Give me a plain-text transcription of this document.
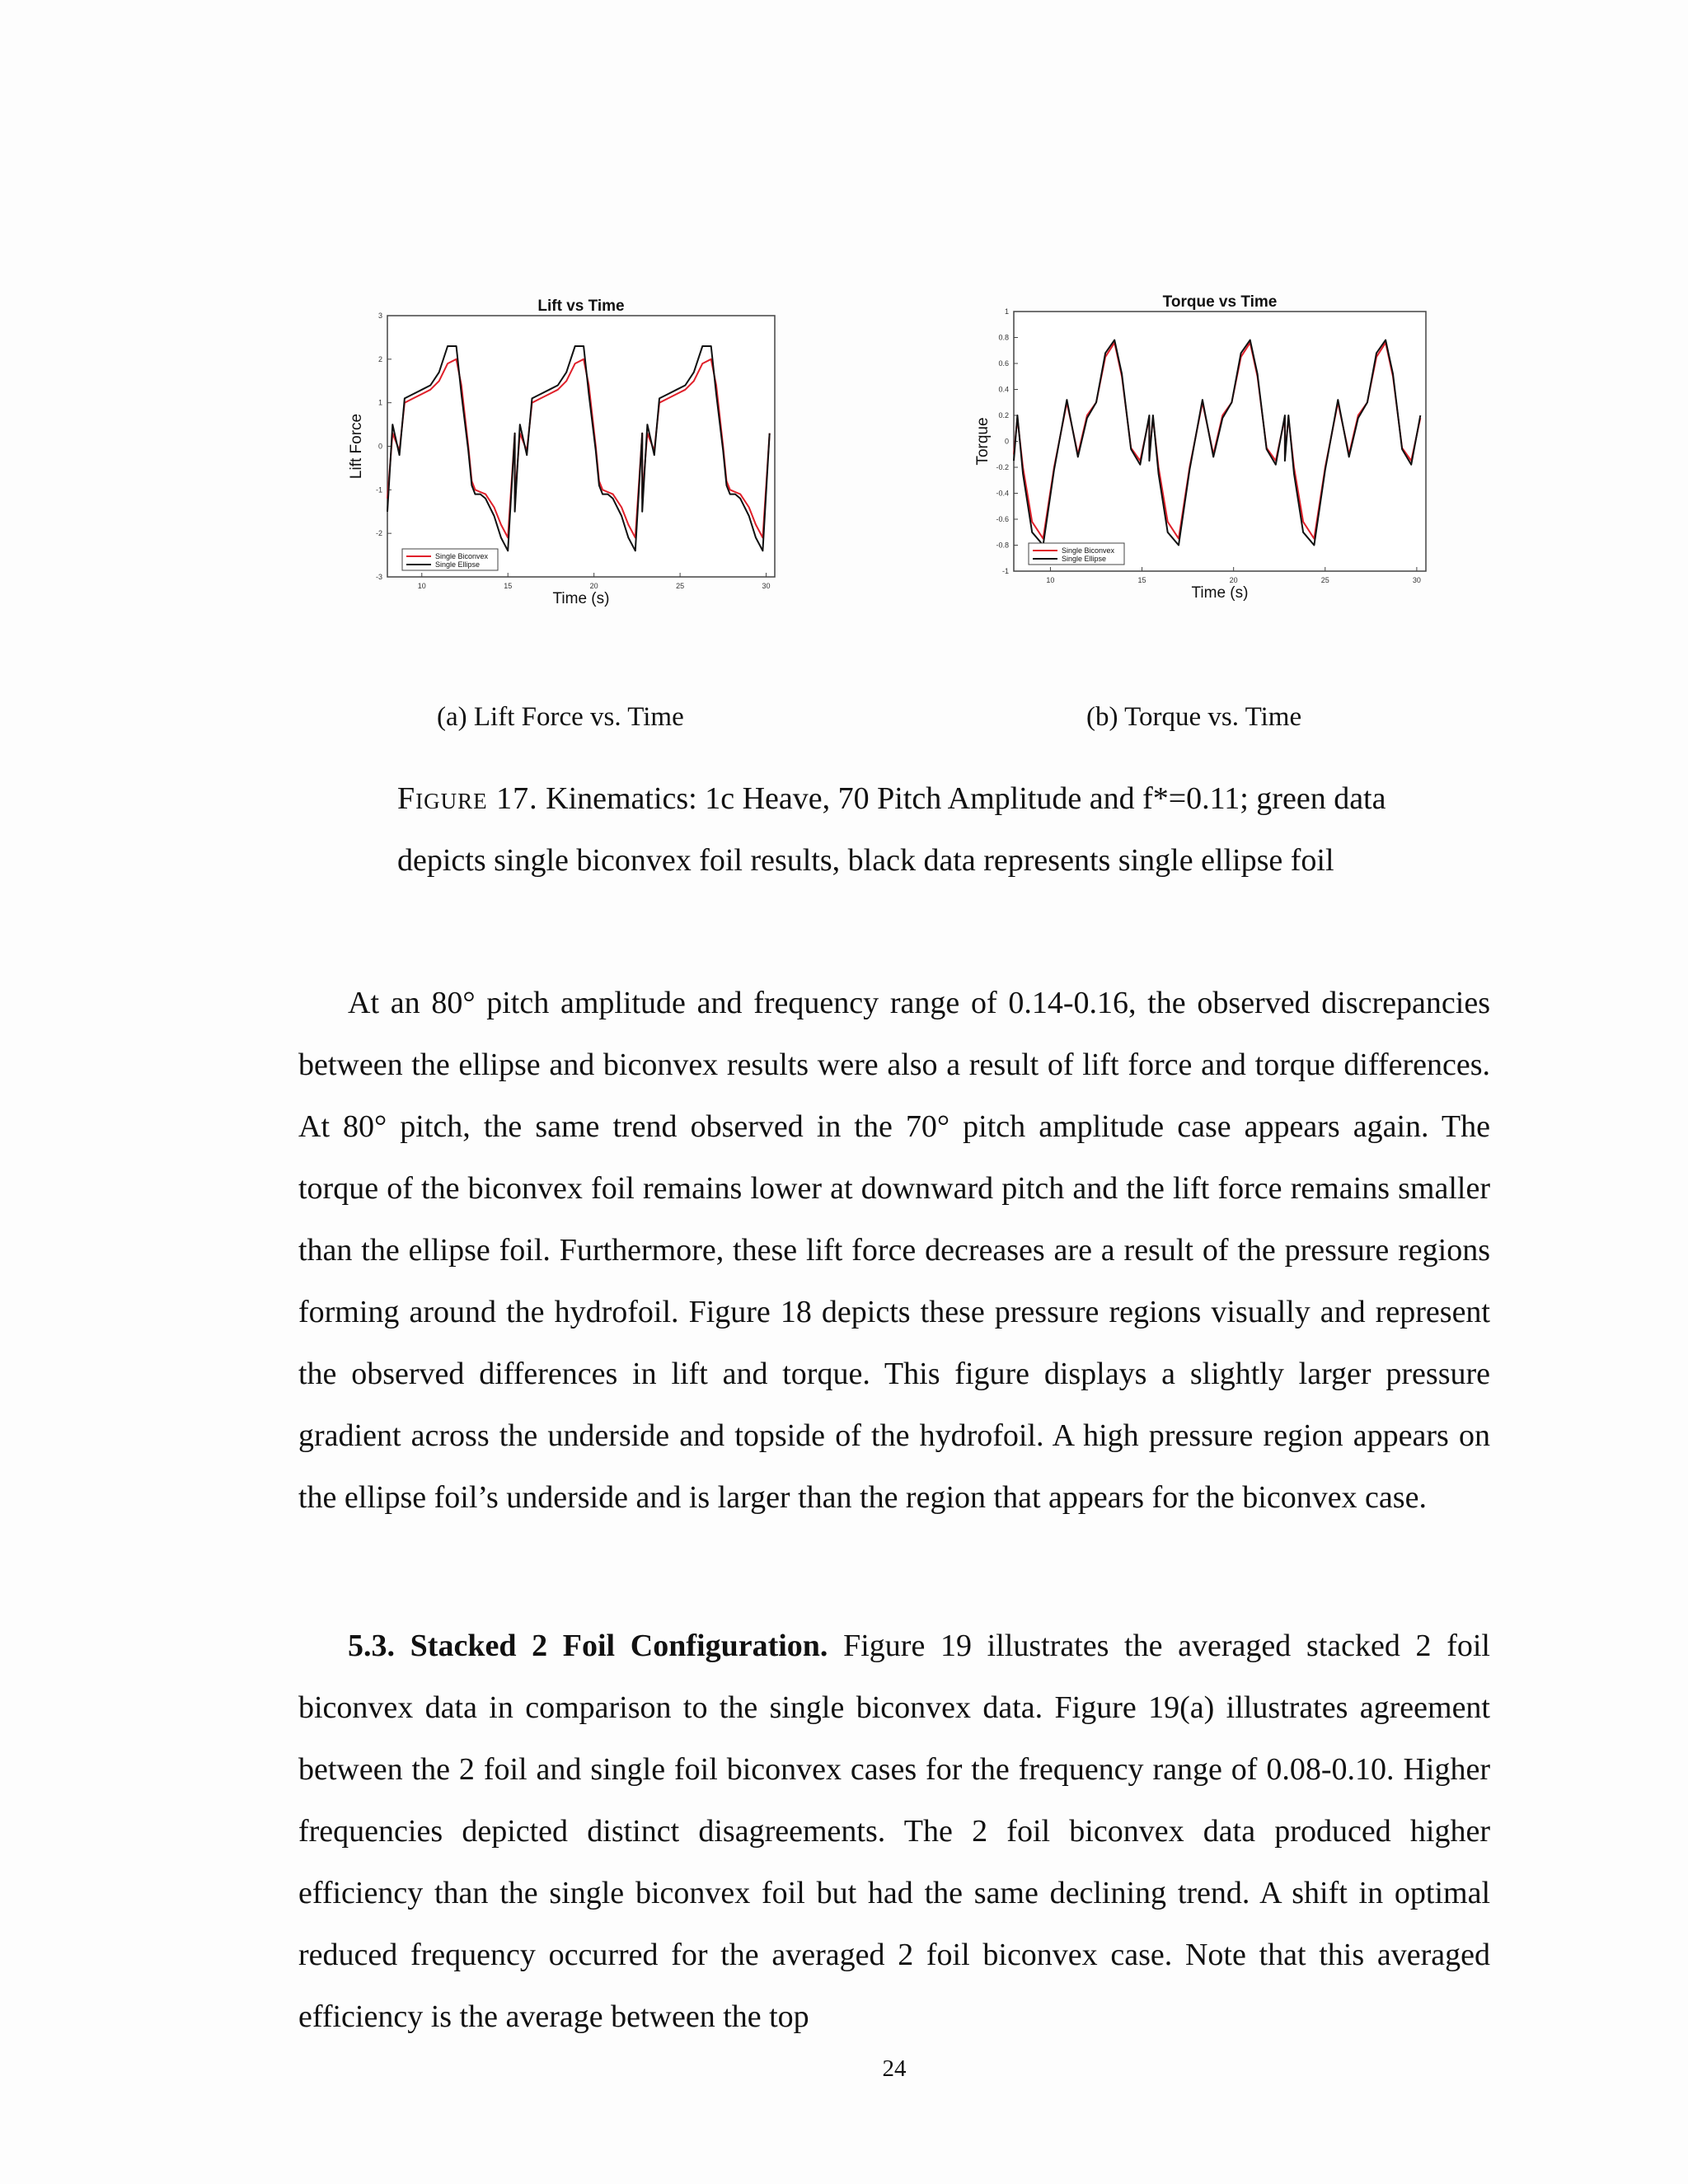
10	15	20	25	30
-3
-2
-1
0
1
2
3
Lift vs Time
Time (s)
Lift Force
Single Biconvex
Single Ellipse
10	15	20	25	30
-1
-0.8
-0.6
-0.4
-0.2
0
0.2
0.4
0.6
0.8
1
Torque vs Time
Time (s)
Torque
Single Biconvex
Single Ellipse
(a) Lift Force vs. Time	(b) Torque vs. Time
Figure 17. Kinematics: 1c Heave, 70 Pitch Amplitude and f*=0.11; green data depicts single biconvex foil results, black data represents single ellipse foil

At an 80° pitch amplitude and frequency range of 0.14-0.16, the observed discrepancies between the ellipse and biconvex results were also a result of lift force and torque differences. At 80° pitch, the same trend observed in the 70° pitch amplitude case appears again. The torque of the biconvex foil remains lower at downward pitch and the lift force remains smaller than the ellipse foil. Furthermore, these lift force decreases are a result of the pressure regions forming around the hydrofoil. Figure 18 depicts these pressure regions visually and represent the observed differences in lift and torque. This figure displays a slightly larger pressure gradient across the underside and topside of the hydrofoil. A high pressure region appears on the ellipse foil’s underside and is larger than the region that appears for the biconvex case.

5.3. Stacked 2 Foil Configuration. Figure 19 illustrates the averaged stacked 2 foil biconvex data in comparison to the single biconvex data. Figure 19(a) illustrates agreement between the 2 foil and single foil biconvex cases for the frequency range of 0.08-0.10. Higher frequencies depicted distinct disagreements. The 2 foil biconvex data produced higher efficiency than the single biconvex foil but had the same declining trend. A shift in optimal reduced frequency occurred for the averaged 2 foil biconvex case. Note that this averaged efficiency is the average between the top

24
